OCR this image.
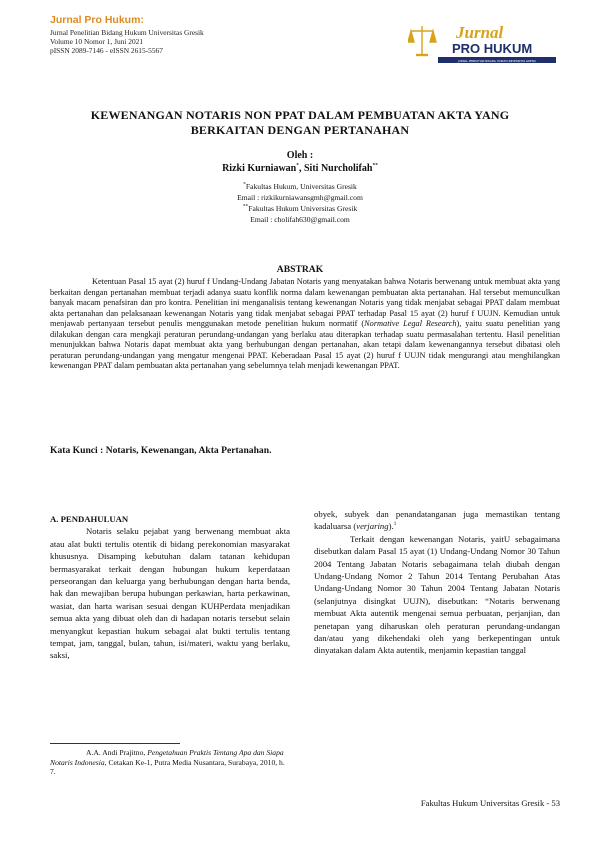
Jurnal Pro Hukum:
Jurnal Penelitian Bidang Hukum Universitas Gresik
Volume 10 Nomor 1, Juni 2021
pISSN 2089-7146 - eISSN 2615-5567
Jurnal
PRO HUKUM
JURNAL PENELITIAN BIDANG HUKUM UNIVERSITAS GRESIK
KEWENANGAN NOTARIS NON PPAT DALAM PEMBUATAN AKTA YANG
BERKAITAN DENGAN PERTANAHAN
Oleh :
Rizki Kurniawan*, Siti Nurcholifah**
*Fakultas Hukum, Universitas Gresik
Email : rizkikurniawansgmh@gmail.com
**Fakultas Hukum Universitas Gresik
Email : cholifah630@gmail.com
ABSTRAK

Ketentuan Pasal 15 ayat (2) huruf f Undang-Undang Jabatan Notaris yang menyatakan bahwa Notaris berwenang untuk membuat akta yang berkaitan dengan pertanahan membuat terjadi adanya suatu konflik norma dalam kewenangan pembuatan akta pertanahan. Hal tersebut memunculkan banyak macam penafsiran dan pro kontra. Penelitian ini menganalisis tentang kewenangan Notaris yang tidak menjabat sebagai PPAT dalam membuat akta pertanahan dan pelaksanaan kewenangan Notaris yang tidak menjabat sebagai PPAT terhadap Pasal 15 ayat (2) huruf f UUJN. Kemudian untuk menjawab pertanyaan tersebut penulis menggunakan metode penelitian hukum normatif (Normative Legal Research), yaitu suatu penelitian yang dilakukan dengan cara mengkaji peraturan perundang-undangan yang berlaku atau diterapkan terhadap suatu permasalahan tertentu. Hasil penelitian menunjukkan bahwa Notaris dapat membuat akta yang berhubungan dengan pertanahan, akan tetapi dalam kewenangannya tersebut dibatasi oleh peraturan perundang-undangan yang mengatur mengenai PPAT. Keberadaan Pasal 15 ayat (2) huruf f UUJN tidak mengurangi atau menghilangkan kewenangan PPAT dalam pembuatan akta pertanahan yang sebelumnya telah menjadi kewenangan PPAT.

Kata Kunci : Notaris, Kewenangan, Akta Pertanahan.
A. PENDAHULUAN

Notaris selaku pejabat yang berwenang membuat akta atau alat bukti tertulis otentik di bidang perekonomian masyarakat khususnya. Disamping kebutuhan dalam tatanan kehidupan bermasyarakat terkait dengan hubungan hukum keperdataan perseorangan dan keluarga yang berhubungan dengan harta benda, hak dan mewajiban berupa hubungan perkawian, harta perkawinan, wasiat, dan harta warisan sesuai dengan KUHPerdata menjadikan semua akta yang dibuat oleh dan di hadapan notaris tersebut selain menyangkut kepastian hukum sebagai alat bukti tertulis tentang tempat, jam, tanggal, bulan, tahun, isi/materi, waktu yang berlaku, saksi,

obyek, subyek dan penandatanganan juga memastikan tentang kadaluarsa (verjaring).$^1$

Terkait dengan kewenangan Notaris, yaitU sebagaimana disebutkan dalam Pasal 15 ayat (1) Undang-Undang Nomor 30 Tahun 2004 Tentang Jabatan Notaris sebagaimana telah diubah dengan Undang-Undang Nomor 2 Tahun 2014 Tentang Perubahan Atas Undang-Undang Nomor 30 Tahun 2004 Tentang Jabatan Notaris (selanjutnya disingkat UUJN), disebutkan: “Notaris berwenang membuat Akta autentik mengenai semua perbuatan, perjanjian, dan penetapan yang diharuskan oleh peraturan perundang-undangan dan/atau yang dikehendaki oleh yang berkepentingan untuk dinyatakan dalam Akta autentik, menjamin kepastian tanggal

A.A. Andi Prajitno, Pengetahuan Praktis Tentang Apa dan Siapa Notaris Indonesia, Cetakan Ke-1, Putra Media Nusantara, Surabaya, 2010, h. 7.
Fakultas Hukum Universitas Gresik - 53
